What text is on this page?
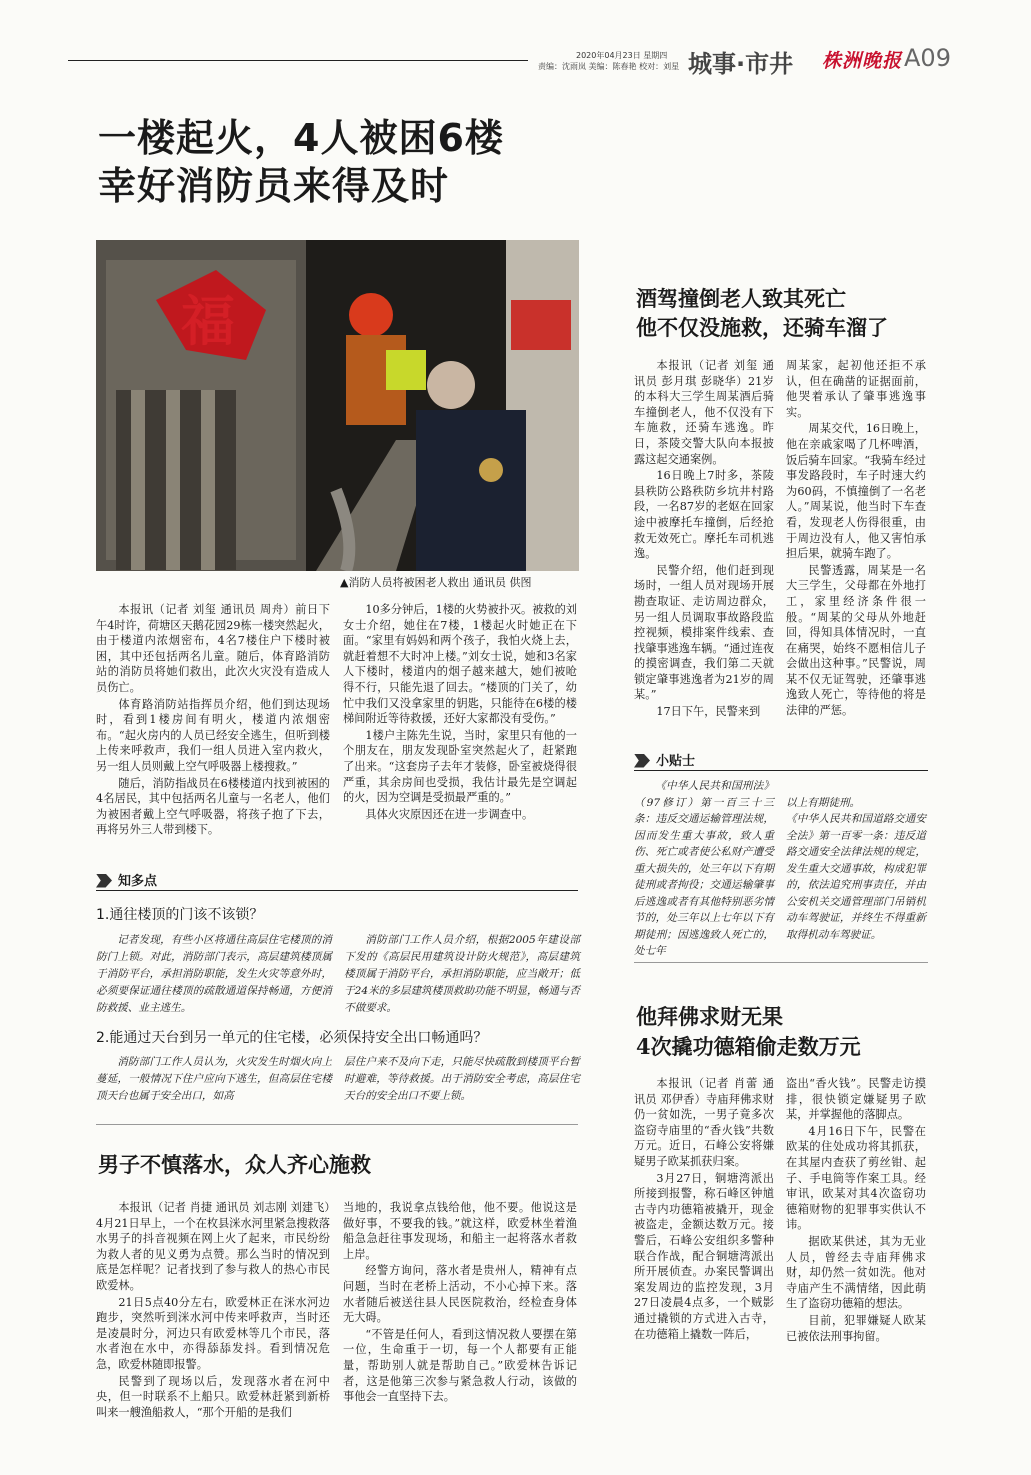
2020年04月23日 星期四
责编：沈雨岚 美编：陈春艳 校对：刘星 城事·市井 株洲晚报 A09
一楼起火，4人被困6楼
幸好消防员来得及时
福
▲消防人员将被困老人救出 通讯员 供图

本报讯（记者 刘玺 通讯员 周舟）前日下午4时许，荷塘区天鹅花园29栋一楼突然起火，由于楼道内浓烟密布，4名7楼住户下楼时被困，其中还包括两名儿童。随后，体育路消防站的消防员将她们救出，此次火灾没有造成人员伤亡。

体育路消防站指挥员介绍，他们到达现场时，看到1楼房间有明火，楼道内浓烟密布。“起火房内的人员已经安全逃生，但听到楼上传来呼救声，我们一组人员进入室内救火，另一组人员则戴上空气呼吸器上楼搜救。”

随后，消防指战员在6楼楼道内找到被困的4名居民，其中包括两名儿童与一名老人，他们为被困者戴上空气呼吸器，将孩子抱了下去，再将另外三人带到楼下。

10多分钟后，1楼的火势被扑灭。被救的刘女士介绍，她住在7楼，1楼起火时她正在下面。“家里有妈妈和两个孩子，我怕火烧上去，就赶着想不大时冲上楼。”刘女士说，她和3名家人下楼时，楼道内的烟子越来越大，她们被呛得不行，只能先退了回去。“楼顶的门关了，幼忙中我们又没拿家里的钥匙，只能待在6楼的楼梯间附近等待救援，还好大家都没有受伤。”

1楼户主陈先生说，当时，家里只有他的一个朋友在，朋友发现卧室突然起火了，赶紧跑了出来。“这套房子去年才装修，卧室被烧得很严重，其余房间也受损，我估计最先是空调起的火，因为空调是受损最严重的。”

具体火灾原因还在进一步调查中。

知多点
1.通往楼顶的门该不该锁？

记者发现，有些小区将通往高层住宅楼顶的消防门上锁。对此，消防部门表示，高层建筑楼顶属于消防平台，承担消防职能，发生火灾等意外时，必须要保证通往楼顶的疏散通道保持畅通，方便消防救援、业主逃生。

消防部门工作人员介绍，根据2005年建设部下发的《高层民用建筑设计防火规范》，高层建筑楼顶属于消防平台，承担消防职能，应当敞开；低于24米的多层建筑楼顶救助功能不明显，畅通与否不做要求。

2.能通过天台到另一单元的住宅楼，必须保持安全出口畅通吗？

消防部门工作人员认为，火灾发生时烟火向上蔓延，一般情况下住户应向下逃生，但高层住宅楼顶天台也属于安全出口，如高

层住户来不及向下走，只能尽快疏散到楼顶平台暂时避难，等待救援。出于消防安全考虑，高层住宅天台的安全出口不要上锁。

男子不慎落水，众人齐心施救

本报讯（记者 肖捷 通讯员 刘志刚 刘建飞）4月21日早上，一个在枚县洣水河里紧急搜救落水男子的抖音视频在网上火了起来，市民纷纷为救人者的见义勇为点赞。那么当时的情况到底是怎样呢？记者找到了参与救人的热心市民欧爱林。

21日5点40分左右，欧爱林正在洣水河边跑步，突然听到洣水河中传来呼救声，当时还是凌晨时分，河边只有欧爱林等几个市民，落水者泡在水中，亦得舔舔发抖。看到情况危急，欧爱林随即报警。

民警到了现场以后，发现落水者在河中央，但一时联系不上船只。欧爱林赶紧到新桥叫来一艘渔船救人，“那个开船的是我们

当地的，我说拿点钱给他，他不要。他说这是做好事，不要我的钱。”就这样，欧爱林坐着渔船急急赶往事发现场，和船主一起将落水者救上岸。

经警方询问，落水者是贵州人，精神有点问题，当时在老桥上活动，不小心掉下来。落水者随后被送往县人民医院救治，经检查身体无大碍。

“不管是任何人，看到这情况救人要摆在第一位，生命重于一切，每一个人都要有正能量，帮助别人就是帮助自己。”欧爱林告诉记者，这是他第三次参与紧急救人行动，该做的事他会一直坚持下去。

酒驾撞倒老人致其死亡
他不仅没施救，还骑车溜了

本报讯（记者 刘玺 通讯员 彭月琪 彭晓华）21岁的本科大三学生周某酒后骑车撞倒老人，他不仅没有下车施救，还骑车逃逸。昨日，茶陵交警大队向本报披露这起交通案例。

16日晚上7时多，茶陵县秩防公路秩防乡坑井村路段，一名87岁的老妪在回家途中被摩托车撞倒，后经抢救无效死亡。摩托车司机逃逸。

民警介绍，他们赶到现场时，一组人员对现场开展勘查取证、走访周边群众，另一组人员调取事故路段监控视频，模排案件线索、查找肇事逃逸车辆。“通过连夜的摸密调查，我们第二天就锁定肇事逃逸者为21岁的周某。”

17日下午，民警来到

周某家，起初他还拒不承认，但在确凿的证据面前，他哭着承认了肇事逃逸事实。

周某交代，16日晚上，他在亲戚家喝了几杯啤酒，饭后骑车回家。“我骑车经过事发路段时，车子时速大约为60码，不慎撞倒了一名老人。”周某说，他当时下车查看，发现老人伤得很重，由于周边没有人，他又害怕承担后果，就骑车跑了。

民警透露，周某是一名大三学生，父母都在外地打工，家里经济条件很一般。“周某的父母从外地赶回，得知具体情况时，一直在痛哭，始终不愿相信儿子会做出这种事。”民警说，周某不仅无证驾驶，还肇事逃逸致人死亡，等待他的将是法律的严惩。

小贴士

《中华人民共和国刑法》（97修订）第一百三十三条：违反交通运输管理法规，因而发生重大事故，致人重伤、死亡或者使公私财产遭受重大损失的，处三年以下有期徒刑或者拘役；交通运输肇事后逃逸或者有其他特别恶劣情节的，处三年以上七年以下有期徒刑；因逃逸致人死亡的，处七年

以上有期徒刑。
《中华人民共和国道路交通安全法》第一百零一条：违反道路交通安全法律法规的规定，发生重大交通事故，构成犯罪的，依法追究刑事责任，并由公安机关交通管理部门吊销机动车驾驶证，并终生不得重新取得机动车驾驶证。

他拜佛求财无果
4次撬功德箱偷走数万元

本报讯（记者 肖蕾 通讯员 邓伊香）寺庙拜佛求财仍一贫如洗，一男子竟多次盗窃寺庙里的“香火钱”共数万元。近日，石峰公安将嫌疑男子欧某抓获归案。

3月27日，铜塘湾派出所接到报警，称石峰区钟馗古寺内功德箱被撬开，现金被盗走，金额达数万元。接警后，石峰公安组织多警种联合作战，配合铜塘湾派出所开展侦查。办案民警调出案发周边的监控发现，3月27日凌晨4点多，一个贼影通过撬锁的方式进入古寺，在功德箱上撬数一阵后，

盗出“香火钱”。民警走访摸排，很快锁定嫌疑男子欧某，并掌握他的落脚点。

4月16日下午，民警在欧某的住处成功将其抓获，在其屋内查获了剪丝钳、起子、手电筒等作案工具。经审讯，欧某对其4次盗窃功德箱财物的犯罪事实供认不讳。

据欧某供述，其为无业人员，曾经去寺庙拜佛求财，却仍然一贫如洗。他对寺庙产生不满情绪，因此萌生了盗窃功德箱的想法。

目前，犯罪嫌疑人欧某已被依法刑事拘留。
